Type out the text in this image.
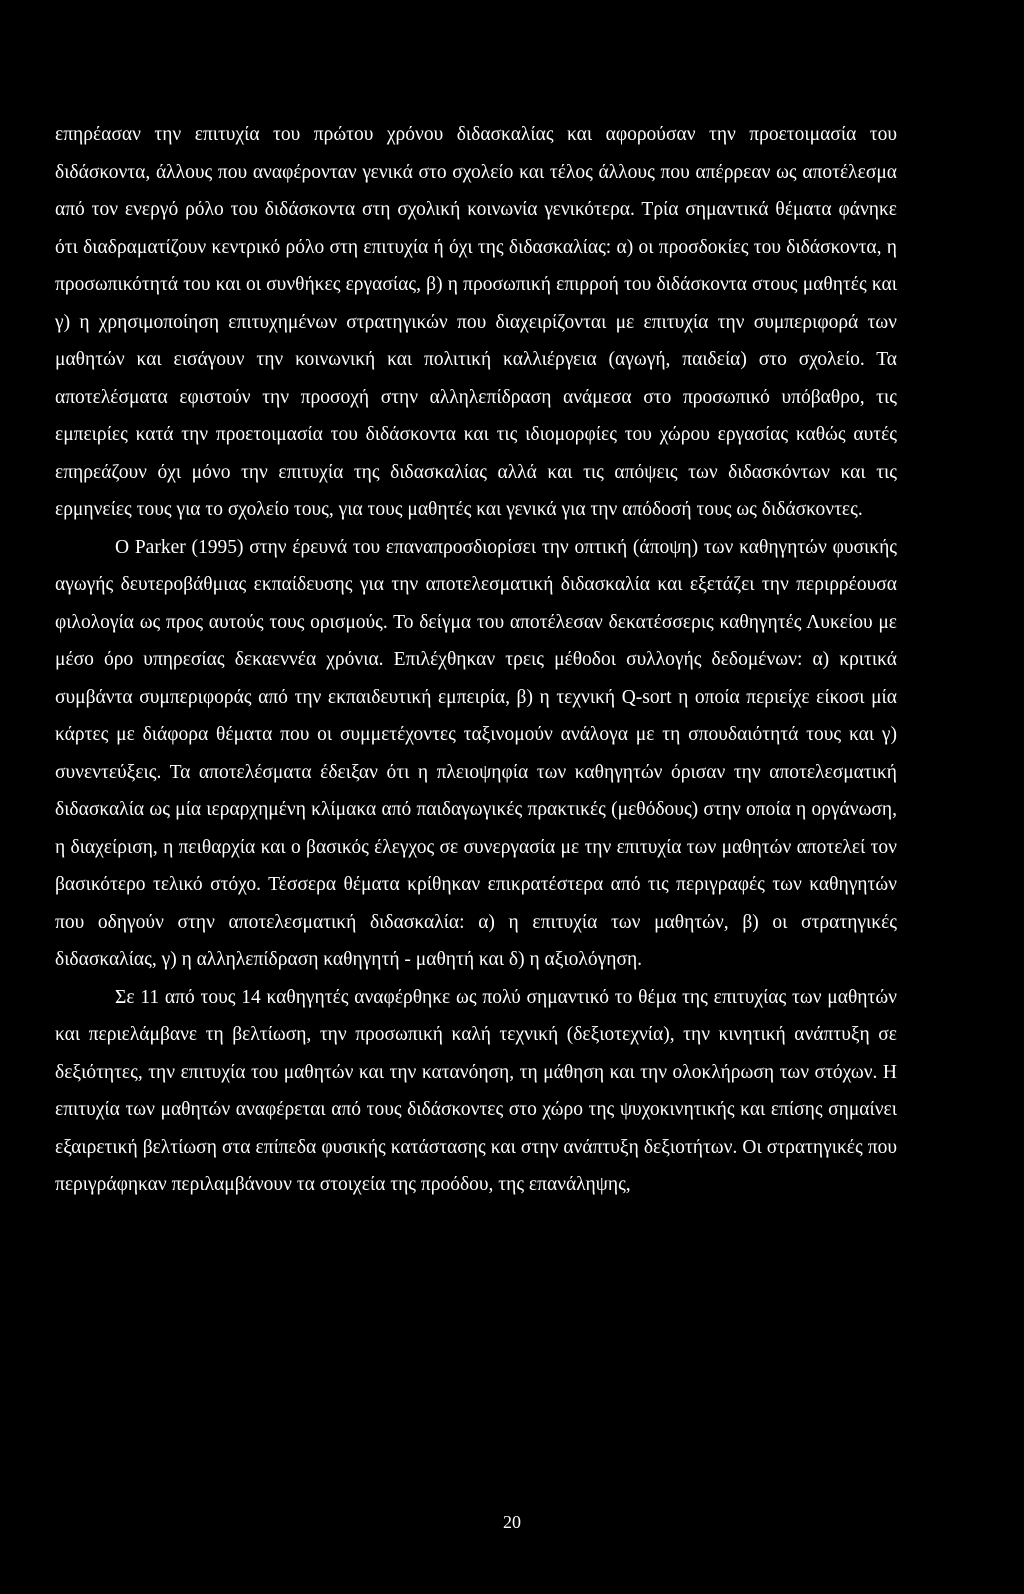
επηρέασαν την επιτυχία του πρώτου χρόνου διδασκαλίας και αφορούσαν την προετοιμασία του διδάσκοντα, άλλους που αναφέρονταν γενικά στο σχολείο και τέλος άλλους που απέρρεαν ως αποτέλεσμα από τον ενεργό ρόλο του διδάσκοντα στη σχολική κοινωνία γενικότερα. Τρία σημαντικά θέματα φάνηκε ότι διαδραματίζουν κεντρικό ρόλο στη επιτυχία ή όχι της διδασκαλίας: α) οι προσδοκίες του διδάσκοντα, η προσωπικότητά του και οι συνθήκες εργασίας, β) η προσωπική επιρροή του διδάσκοντα στους μαθητές και γ) η χρησιμοποίηση επιτυχημένων στρατηγικών που διαχειρίζονται με επιτυχία την συμπεριφορά των μαθητών και εισάγουν την κοινωνική και πολιτική καλλιέργεια (αγωγή, παιδεία) στο σχολείο. Τα αποτελέσματα εφιστούν την προσοχή στην αλληλεπίδραση ανάμεσα στο προσωπικό υπόβαθρο, τις εμπειρίες κατά την προετοιμασία του διδάσκοντα και τις ιδιομορφίες του χώρου εργασίας καθώς αυτές επηρεάζουν όχι μόνο την επιτυχία της διδασκαλίας αλλά και τις απόψεις των διδασκόντων και τις ερμηνείες τους για το σχολείο τους, για τους μαθητές και γενικά για την απόδοσή τους ως διδάσκοντες.

Ο Parker (1995) στην έρευνά του επαναπροσδιορίσει την οπτική (άποψη) των καθηγητών φυσικής αγωγής δευτεροβάθμιας εκπαίδευσης για την αποτελεσματική διδασκαλία και εξετάζει την περιρρέουσα φιλολογία ως προς αυτούς τους ορισμούς. Το δείγμα του αποτέλεσαν δεκατέσσερις καθηγητές Λυκείου με μέσο όρο υπηρεσίας δεκαεννέα χρόνια. Επιλέχθηκαν τρεις μέθοδοι συλλογής δεδομένων: α) κριτικά συμβάντα συμπεριφοράς από την εκπαιδευτική εμπειρία, β) η τεχνική Q-sort η οποία περιείχε είκοσι μία κάρτες με διάφορα θέματα που οι συμμετέχοντες ταξινομούν ανάλογα με τη σπουδαιότητά τους και γ) συνεντεύξεις. Τα αποτελέσματα έδειξαν ότι η πλειοψηφία των καθηγητών όρισαν την αποτελεσματική διδασκαλία ως μία ιεραρχημένη κλίμακα από παιδαγωγικές πρακτικές (μεθόδους) στην οποία η οργάνωση, η διαχείριση, η πειθαρχία και ο βασικός έλεγχος σε συνεργασία με την επιτυχία των μαθητών αποτελεί τον βασικότερο τελικό στόχο. Τέσσερα θέματα κρίθηκαν επικρατέστερα από τις περιγραφές των καθηγητών που οδηγούν στην αποτελεσματική διδασκαλία: α) η επιτυχία των μαθητών, β) οι στρατηγικές διδασκαλίας, γ) η αλληλεπίδραση καθηγητή - μαθητή και δ) η αξιολόγηση.

Σε 11 από τους 14 καθηγητές αναφέρθηκε ως πολύ σημαντικό το θέμα της επιτυχίας των μαθητών και περιελάμβανε τη βελτίωση, την προσωπική καλή τεχνική (δεξιοτεχνία), την κινητική ανάπτυξη σε δεξιότητες, την επιτυχία του μαθητών και την κατανόηση, τη μάθηση και την ολοκλήρωση των στόχων. Η επιτυχία των μαθητών αναφέρεται από τους διδάσκοντες στο χώρο της ψυχοκινητικής και επίσης σημαίνει εξαιρετική βελτίωση στα επίπεδα φυσικής κατάστασης και στην ανάπτυξη δεξιοτήτων. Οι στρατηγικές που περιγράφηκαν περιλαμβάνουν τα στοιχεία της προόδου, της επανάληψης,

20
